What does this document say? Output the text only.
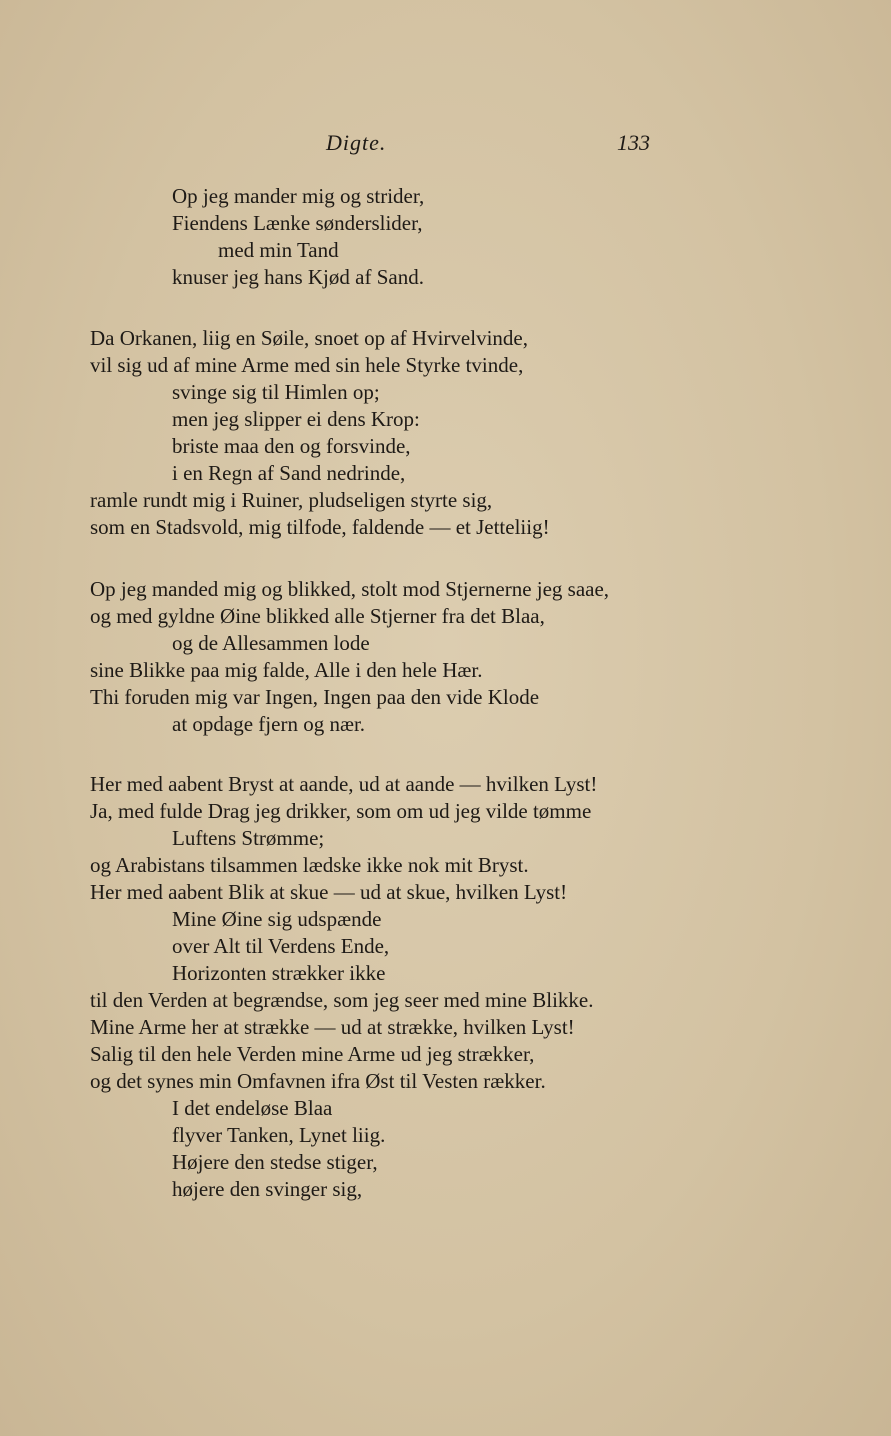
Digte.	133
Op jeg mander mig og strider,
Fiendens Lænke sønderslider,
med min Tand
knuser jeg hans Kjød af Sand.
Da Orkanen, liig en Søile, snoet op af Hvirvelvinde,
vil sig ud af mine Arme med sin hele Styrke tvinde,
svinge sig til Himlen op;
men jeg slipper ei dens Krop:
briste maa den og forsvinde,
i en Regn af Sand nedrinde,
ramle rundt mig i Ruiner, pludseligen styrte sig,
som en Stadsvold, mig tilfode, faldende — et Jetteliig!
Op jeg manded mig og blikked, stolt mod Stjernerne jeg saae,
og med gyldne Øine blikked alle Stjerner fra det Blaa,
og de Allesammen lode
sine Blikke paa mig falde, Alle i den hele Hær.
Thi foruden mig var Ingen, Ingen paa den vide Klode
at opdage fjern og nær.
Her med aabent Bryst at aande, ud at aande — hvilken Lyst!
Ja, med fulde Drag jeg drikker, som om ud jeg vilde tømme
Luftens Strømme;
og Arabistans tilsammen lædske ikke nok mit Bryst.
Her med aabent Blik at skue — ud at skue, hvilken Lyst!
Mine Øine sig udspænde
over Alt til Verdens Ende,
Horizonten strækker ikke
til den Verden at begrændse, som jeg seer med mine Blikke.
Mine Arme her at strække — ud at strække, hvilken Lyst!
Salig til den hele Verden mine Arme ud jeg strækker,
og det synes min Omfavnen ifra Øst til Vesten rækker.
I det endeløse Blaa
flyver Tanken, Lynet liig.
Højere den stedse stiger,
højere den svinger sig,
